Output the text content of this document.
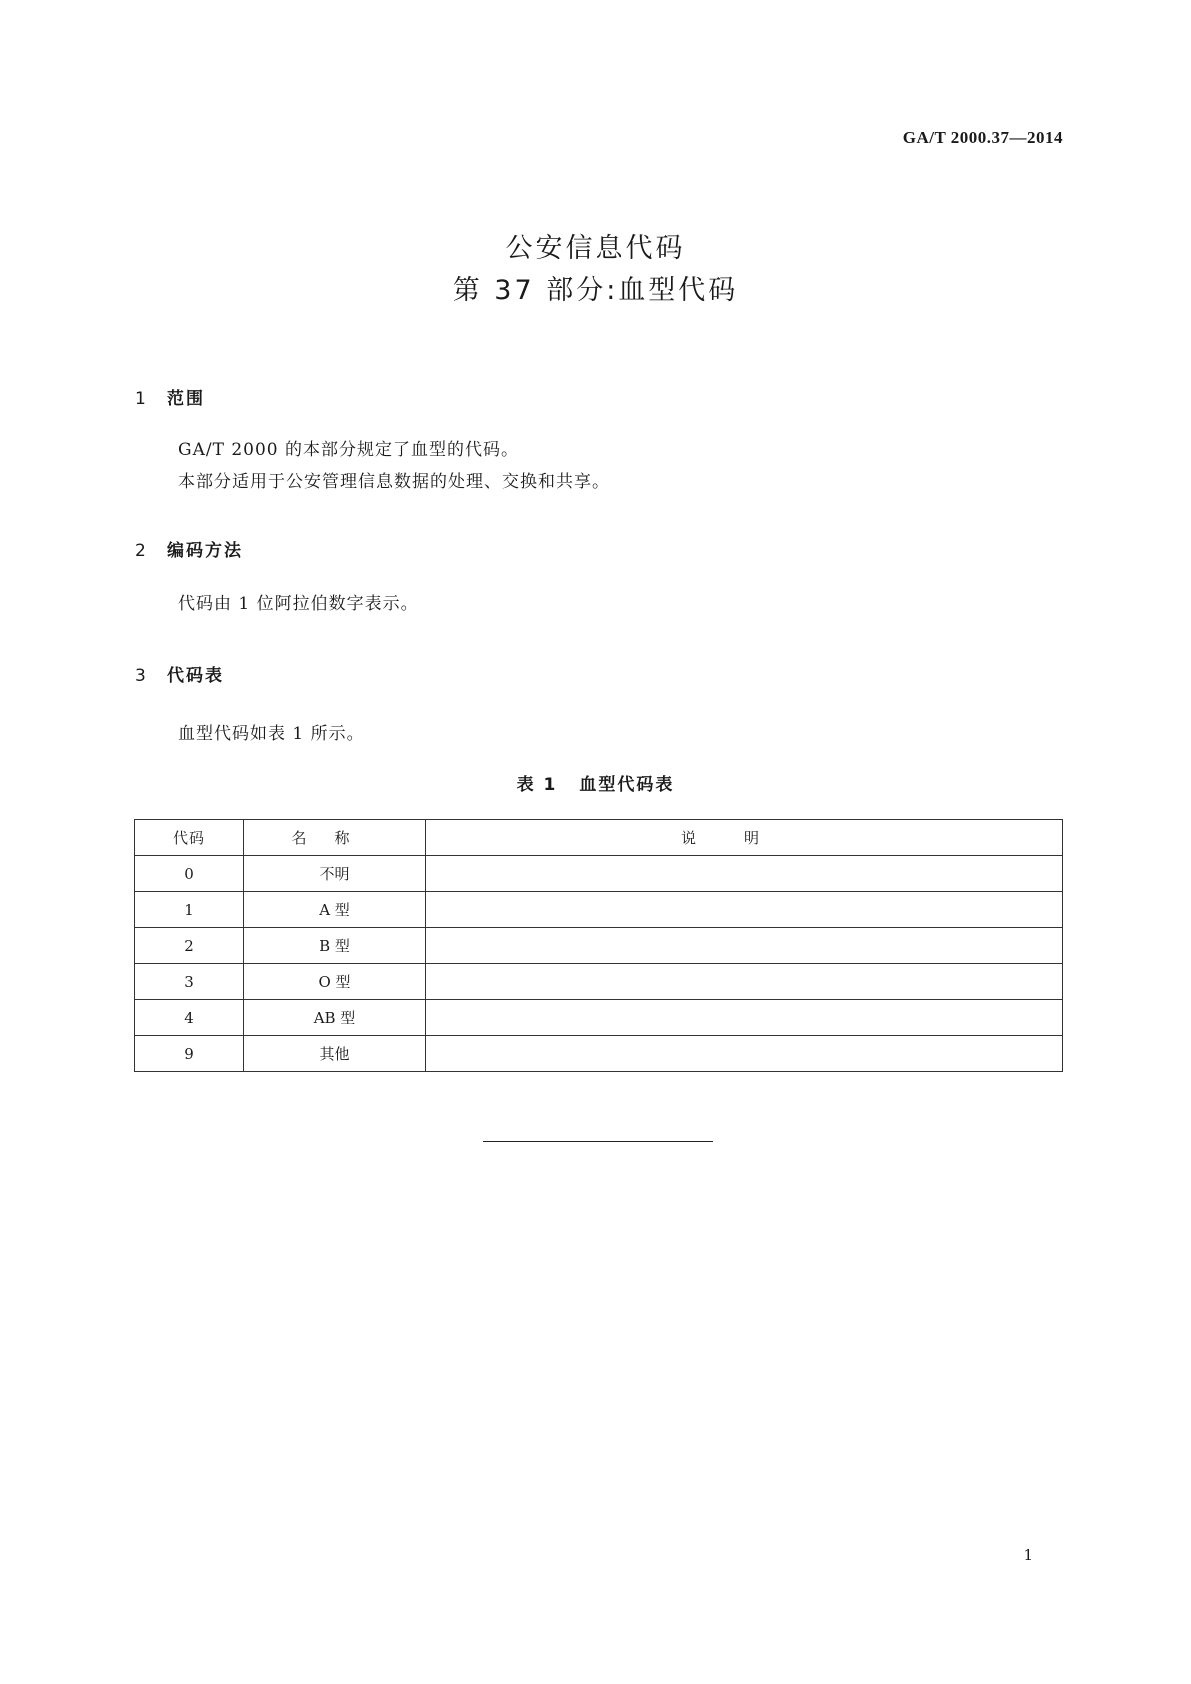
GA/T 2000.37—2014
公安信息代码
第 37 部分:血型代码
1 范围
GA/T 2000 的本部分规定了血型的代码。
本部分适用于公安管理信息数据的处理、交换和共享。
2 编码方法
代码由 1 位阿拉伯数字表示。
3 代码表
血型代码如表 1 所示。
表 1 血型代码表
代码	名称	说明
0	不明	
1	A 型	
2	B 型	
3	O 型	
4	AB 型	
9	其他	
1
